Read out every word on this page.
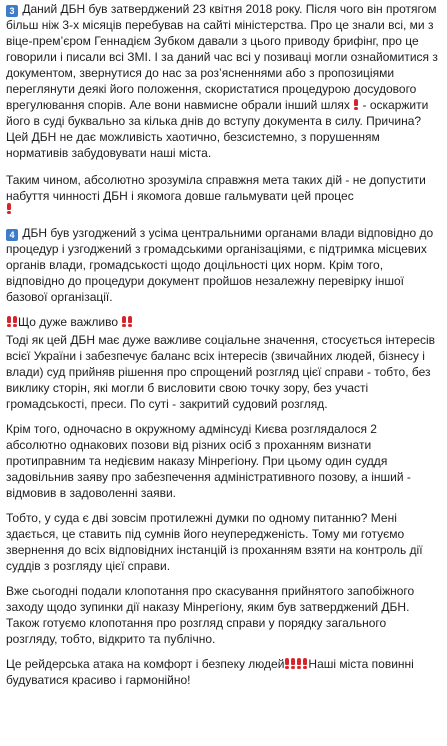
3 Даний ДБН був затверджений 23 квітня 2018 року. Після чого він протягом більш ніж 3-х місяців перебував на сайті міністерства. Про це знали всі, ми з віце-прем’єром Геннадієм Зубком давали з цього приводу брифінг, про це говорили і писали всі ЗМІ. І за даний час всі у позиваці могли ознайомитися з документом, звернутися до нас за роз’ясненнями або з пропозиціями переглянути деякі його положення, скористатися процедурою досудового врегулювання спорів. Але вони навмисне обрали інший шлях  - оскаржити його в суді буквально за кілька днів до вступу документа в силу. Причина? Цей ДБН не дає можливість хаотично, безсистемно, з порушенням нормативів забудовувати наші міста.

Таким чином, абсолютно зрозуміла справжня мета таких дій - не допустити набуття чинності ДБН і якомога довше гальмувати цей процес

4 ДБН був узгоджений з усіма центральними органами влади відповідно до процедур і узгоджений з громадськими організаціями, є підтримка місцевих органів влади, громадськості щодо доцільності цих норм. Крім того, відповідно до процедури документ пройшов незалежну перевірку іншої базової організації.

Що дуже важливо
Тоді як цей ДБН має дуже важливе соціальне значення, стосується інтересів всієї України і забезпечує баланс всіх інтересів (звичайних людей, бізнесу і влади) суд прийняв рішення про спрощений розгляд цієї справи - тобто, без виклику сторін, які могли б висловити свою точку зору, без участі громадськості, преси. По суті - закритий судовий розгляд.

Крім того, одночасно в окружному адмінсуді Києва розглядалося 2 абсолютно однакових позови від різних осіб з проханням визнати протиправним та недієвим наказу Мінрегіону. При цьому один суддя задовільнив заяву про забезпечення адміністративного позову, а інший - відмовив в задоволенні заяви.

Тобто, у суда є дві зовсім протилежні думки по одному питанню? Мені здається, це ставить під сумнів його неупередженість. Тому ми готуємо звернення до всіх відповідних інстанцій із проханням взяти на контроль дії суддів з розгляду цієї справи.

Вже сьогодні подали клопотання про скасування прийнятого запобіжного заходу щодо зупинки дії наказу Мінрегіону, яким був затверджений ДБН. Також готуємо клопотання про розгляд справи у порядку загального розгляду, тобто, відкрито та публічно.

Це рейдерська атака на комфорт і безпеку людей Наші міста повинні будуватися красиво і гармонійно!
